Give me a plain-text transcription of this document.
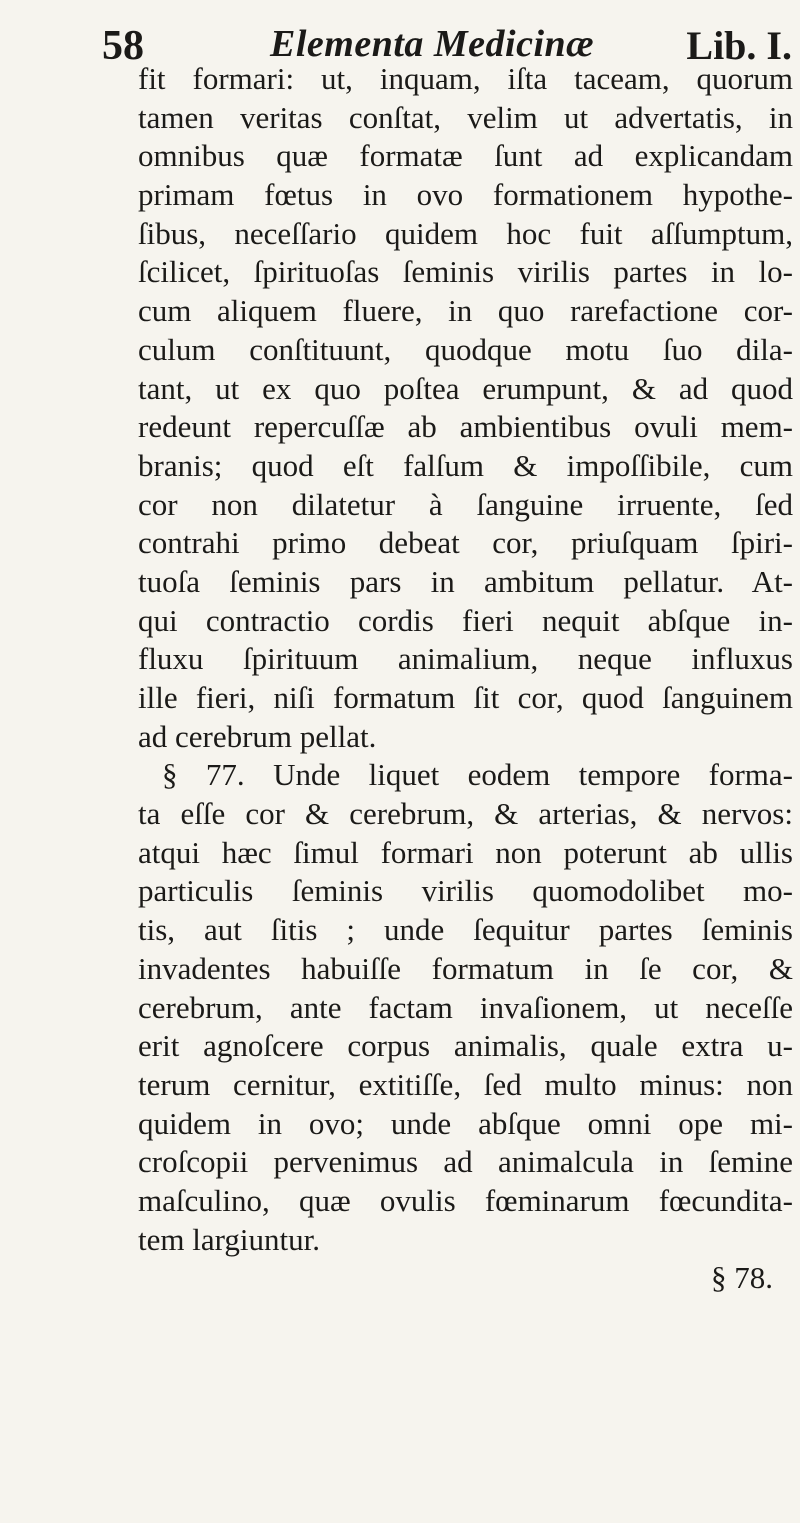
58	Elementa Medicinæ Lib. I.
fit formari: ut, inquam, iſta taceam, quorum
tamen veritas conſtat, velim ut advertatis, in
omnibus quæ formatæ ſunt ad explicandam
primam fœtus in ovo formationem hypothe-
ſibus, neceſſario quidem hoc fuit aſſumptum,
ſcilicet, ſpirituoſas ſeminis virilis partes in lo-
cum aliquem fluere, in quo rarefactione cor-
culum conſtituunt, quodque motu ſuo dila-
tant, ut ex quo poſtea erumpunt, & ad quod
redeunt repercuſſæ ab ambientibus ovuli mem-
branis; quod eſt falſum & impoſſibile, cum
cor non dilatetur à ſanguine irruente, ſed
contrahi primo debeat cor, priuſquam ſpiri-
tuoſa ſeminis pars in ambitum pellatur. At-
qui contractio cordis fieri nequit abſque in-
fluxu ſpirituum animalium, neque influxus
ille fieri, niſi formatum ſit cor, quod ſanguinem
ad cerebrum pellat.
§ 77. Unde liquet eodem tempore forma-
ta eſſe cor & cerebrum, & arterias, & nervos:
atqui hæc ſimul formari non poterunt ab ullis
particulis ſeminis virilis quomodolibet mo-
tis, aut ſitis ; unde ſequitur partes ſeminis
invadentes habuiſſe formatum in ſe cor, &
cerebrum, ante factam invaſionem, ut neceſſe
erit agnoſcere corpus animalis, quale extra u-
terum cernitur, extitiſſe, ſed multo minus: non
quidem in ovo; unde abſque omni ope mi-
croſcopii pervenimus ad animalcula in ſemine
maſculino, quæ ovulis fœminarum fœcundita-
tem largiuntur.
§ 78.
